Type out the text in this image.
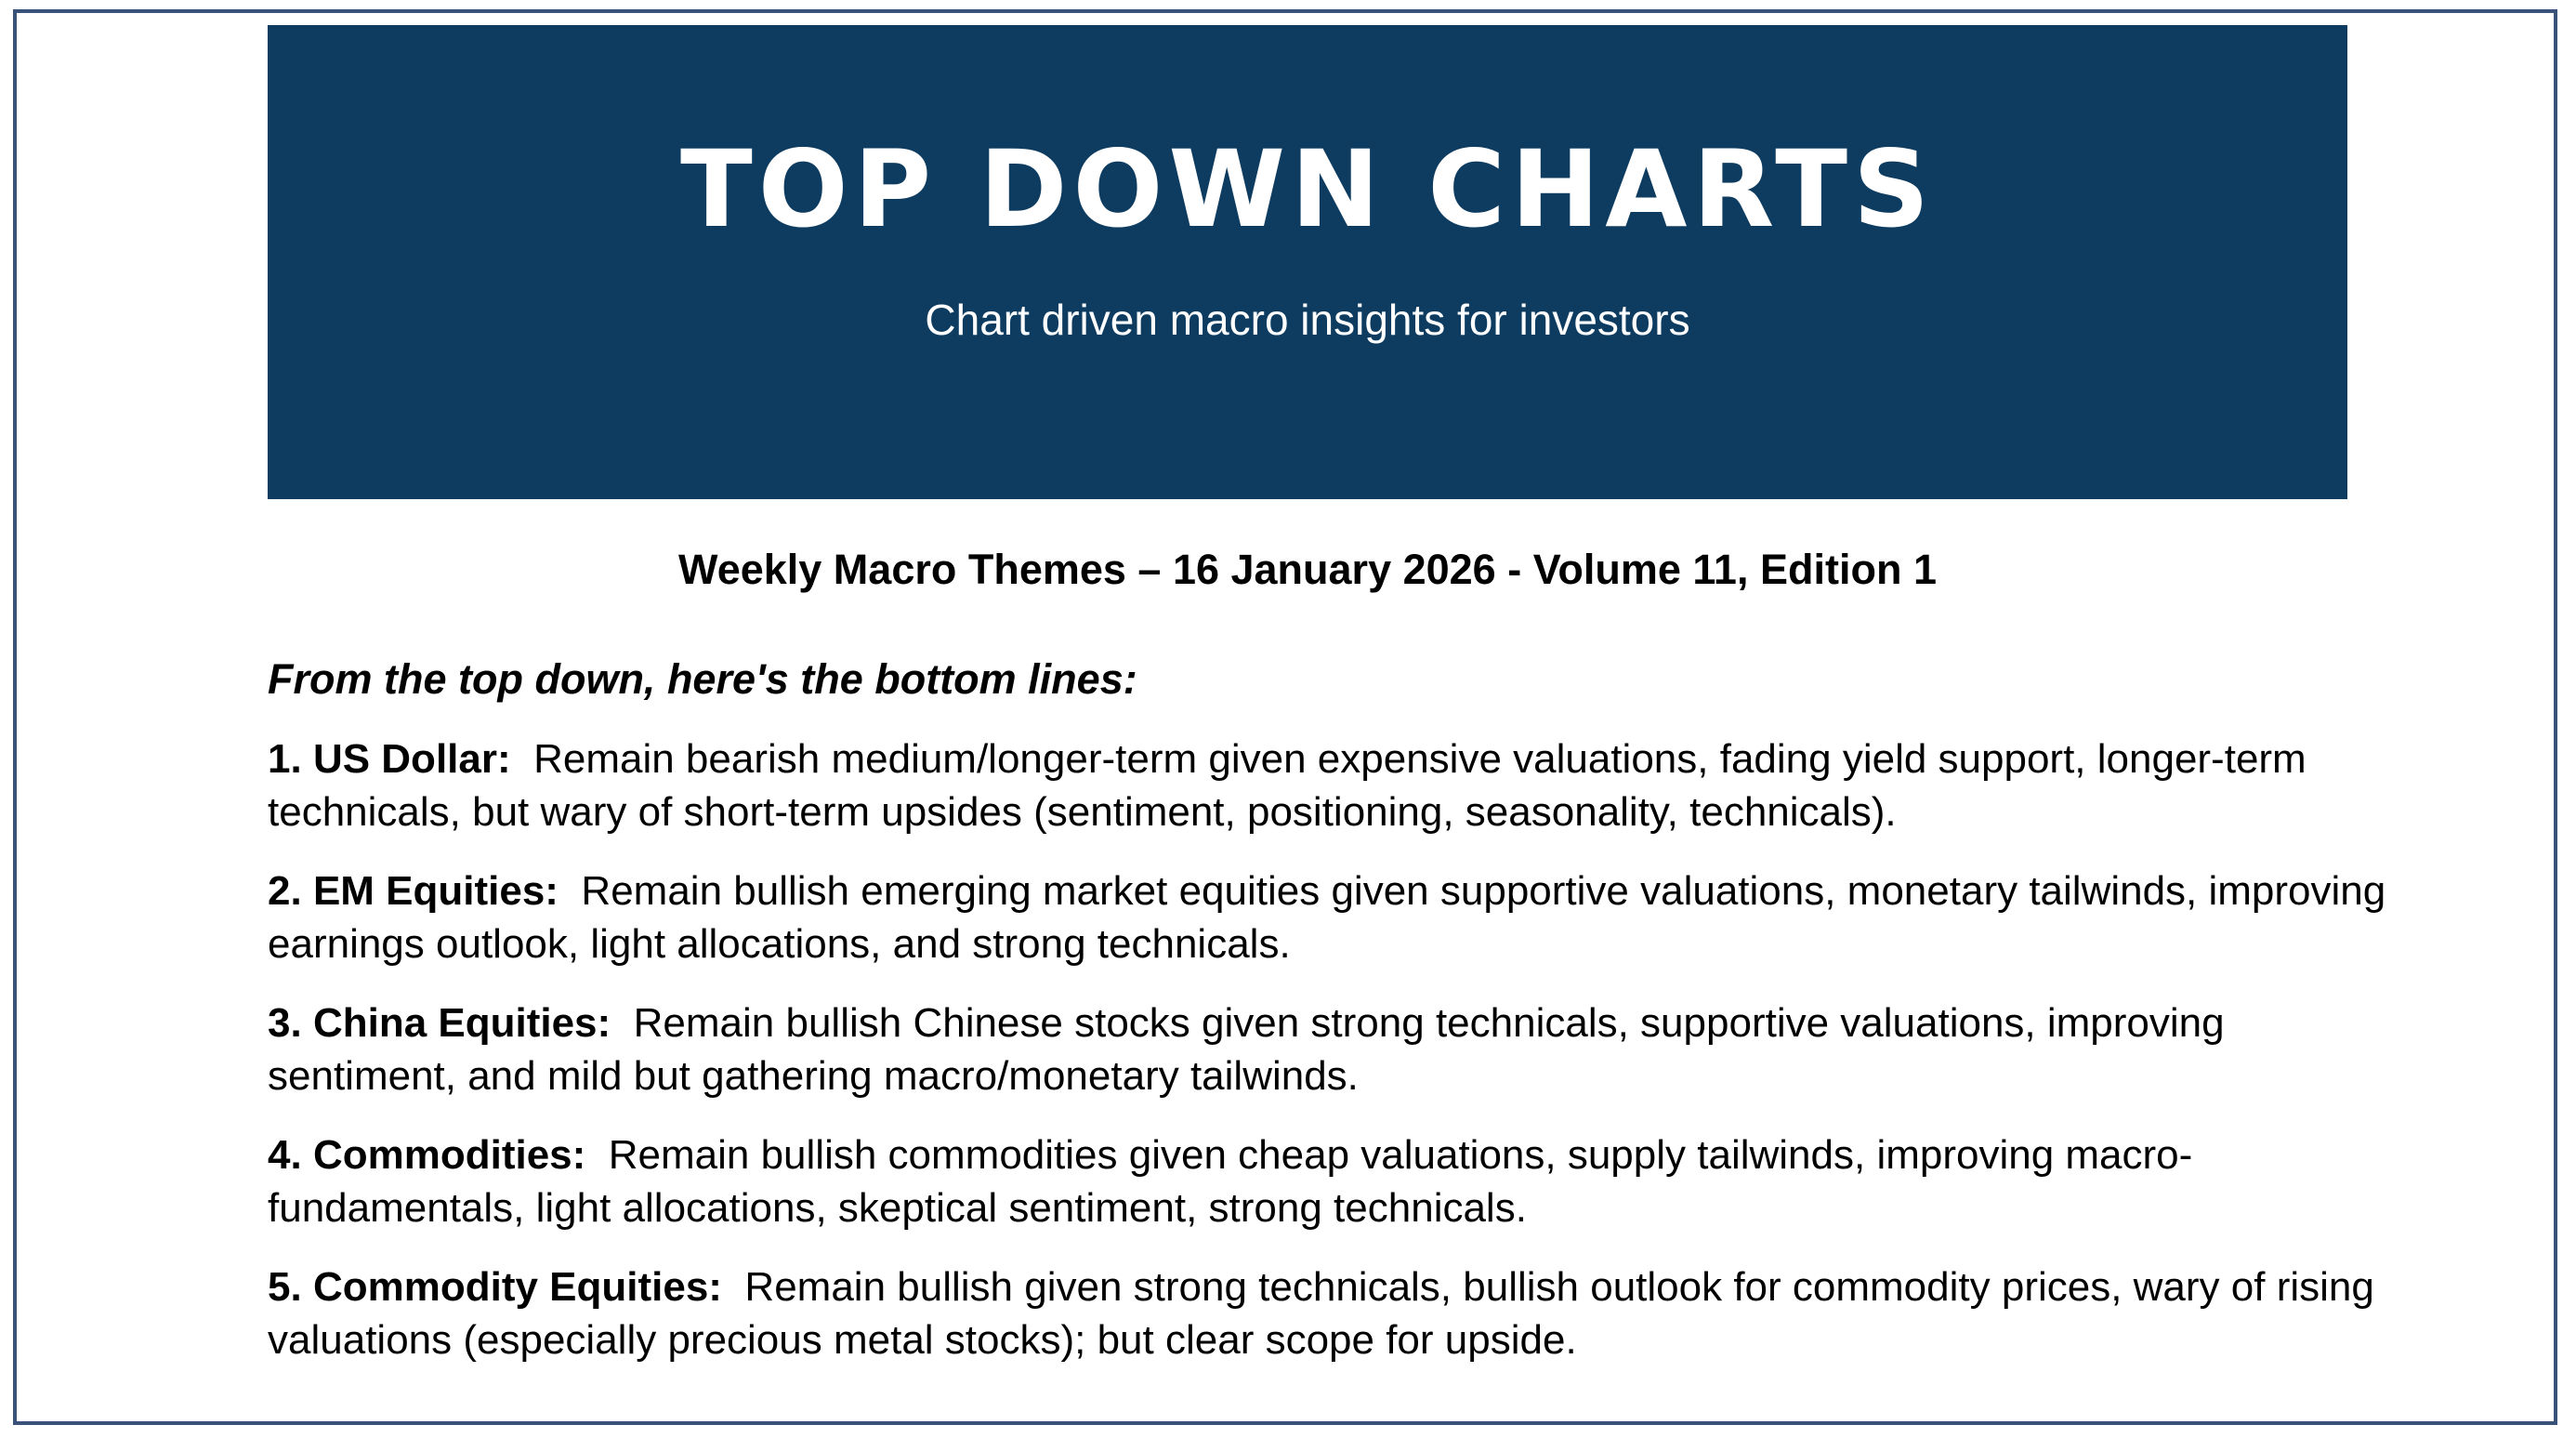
TOP DOWN CHARTS
Chart driven macro insights for investors
Weekly Macro Themes – 16 January 2026 - Volume 11, Edition 1
From the top down, here's the bottom lines:
1. US Dollar: Remain bearish medium/longer-term given expensive valuations, fading yield support, longer-term technicals, but wary of short-term upsides (sentiment, positioning, seasonality, technicals).
2. EM Equities: Remain bullish emerging market equities given supportive valuations, monetary tailwinds, improving earnings outlook, light allocations, and strong technicals.
3. China Equities: Remain bullish Chinese stocks given strong technicals, supportive valuations, improving sentiment, and mild but gathering macro/monetary tailwinds.
4. Commodities: Remain bullish commodities given cheap valuations, supply tailwinds, improving macro-fundamentals, light allocations, skeptical sentiment, strong technicals.
5. Commodity Equities: Remain bullish given strong technicals, bullish outlook for commodity prices, wary of rising valuations (especially precious metal stocks); but clear scope for upside.
